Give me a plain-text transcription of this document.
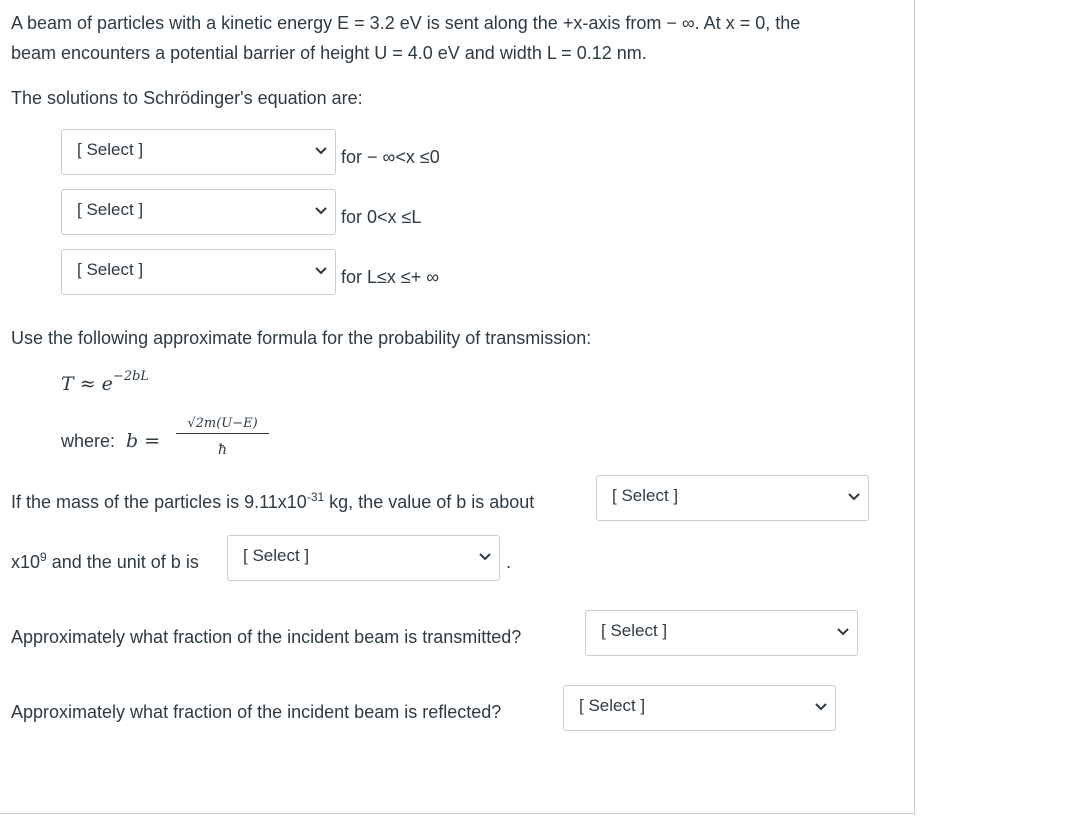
A beam of particles with a kinetic energy E = 3.2 eV is sent along the +x-axis from − ∞. At x = 0, the
beam encounters a potential barrier of height U = 4.0 eV and width L = 0.12 nm.
The solutions to Schrödinger's equation are:
[ Select ]	for − ∞<x ≤0
[ Select ]	for 0<x ≤L
[ Select ]	for L≤x ≤+ ∞
Use the following approximate formula for the probability of transmission:
$T \approx e^{-2bL}$
where: b =
√2m(U−E)
ħ
If the mass of the particles is $9.11x10^{-31}$ kg, the value of b is about	[ Select ]
$x10^9$ and the unit of b is	[ Select ]	.
Approximately what fraction of the incident beam is transmitted?	[ Select ]
Approximately what fraction of the incident beam is reflected?	[ Select ]
